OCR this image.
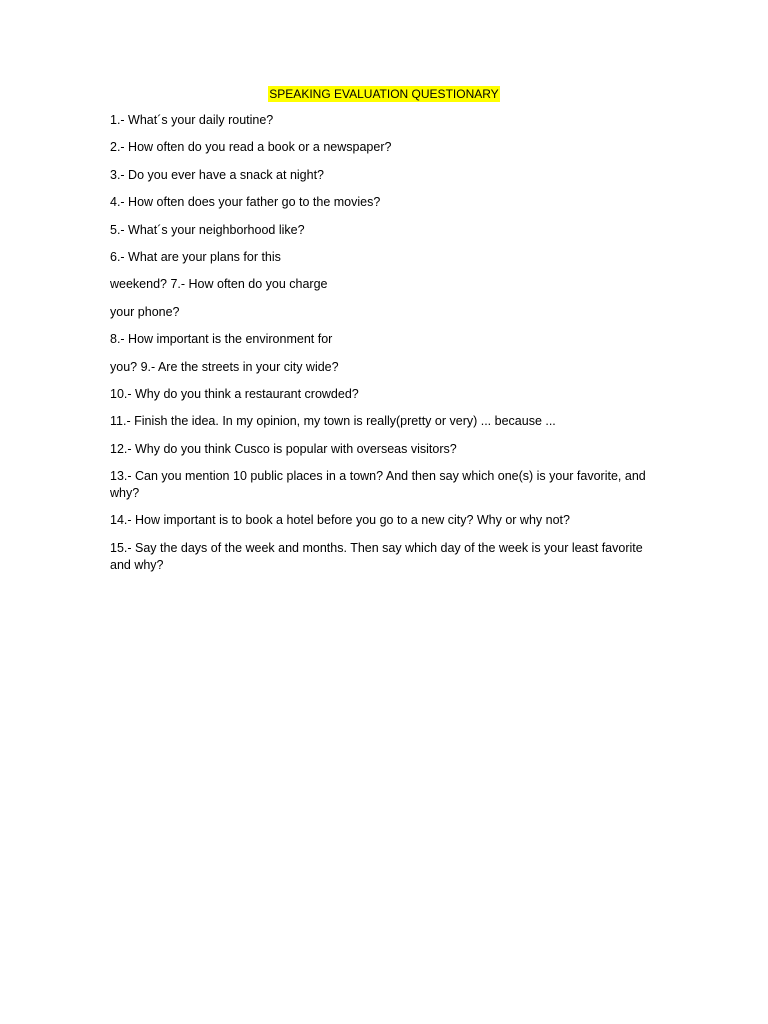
SPEAKING EVALUATION QUESTIONARY
1.- What´s your daily routine?
2.- How often do you read a book or a newspaper?
3.- Do you ever have a snack at night?
4.- How often does your father go to the movies?
5.- What´s your neighborhood like?
6.- What are your plans for this
weekend? 7.- How often do you charge
your phone?
8.- How important is the environment for
you? 9.- Are the streets in your city wide?
10.- Why do you think a restaurant crowded?
11.- Finish the idea. In my opinion, my town is really(pretty or very) ... because ...
12.- Why do you think Cusco is popular with overseas visitors?
13.- Can you mention 10 public places in a town? And then say which one(s) is your favorite, and why?
14.- How important is to book a hotel before you go to a new city? Why or why not?
15.- Say the days of the week and months. Then say which day of the week is your least favorite and why?
